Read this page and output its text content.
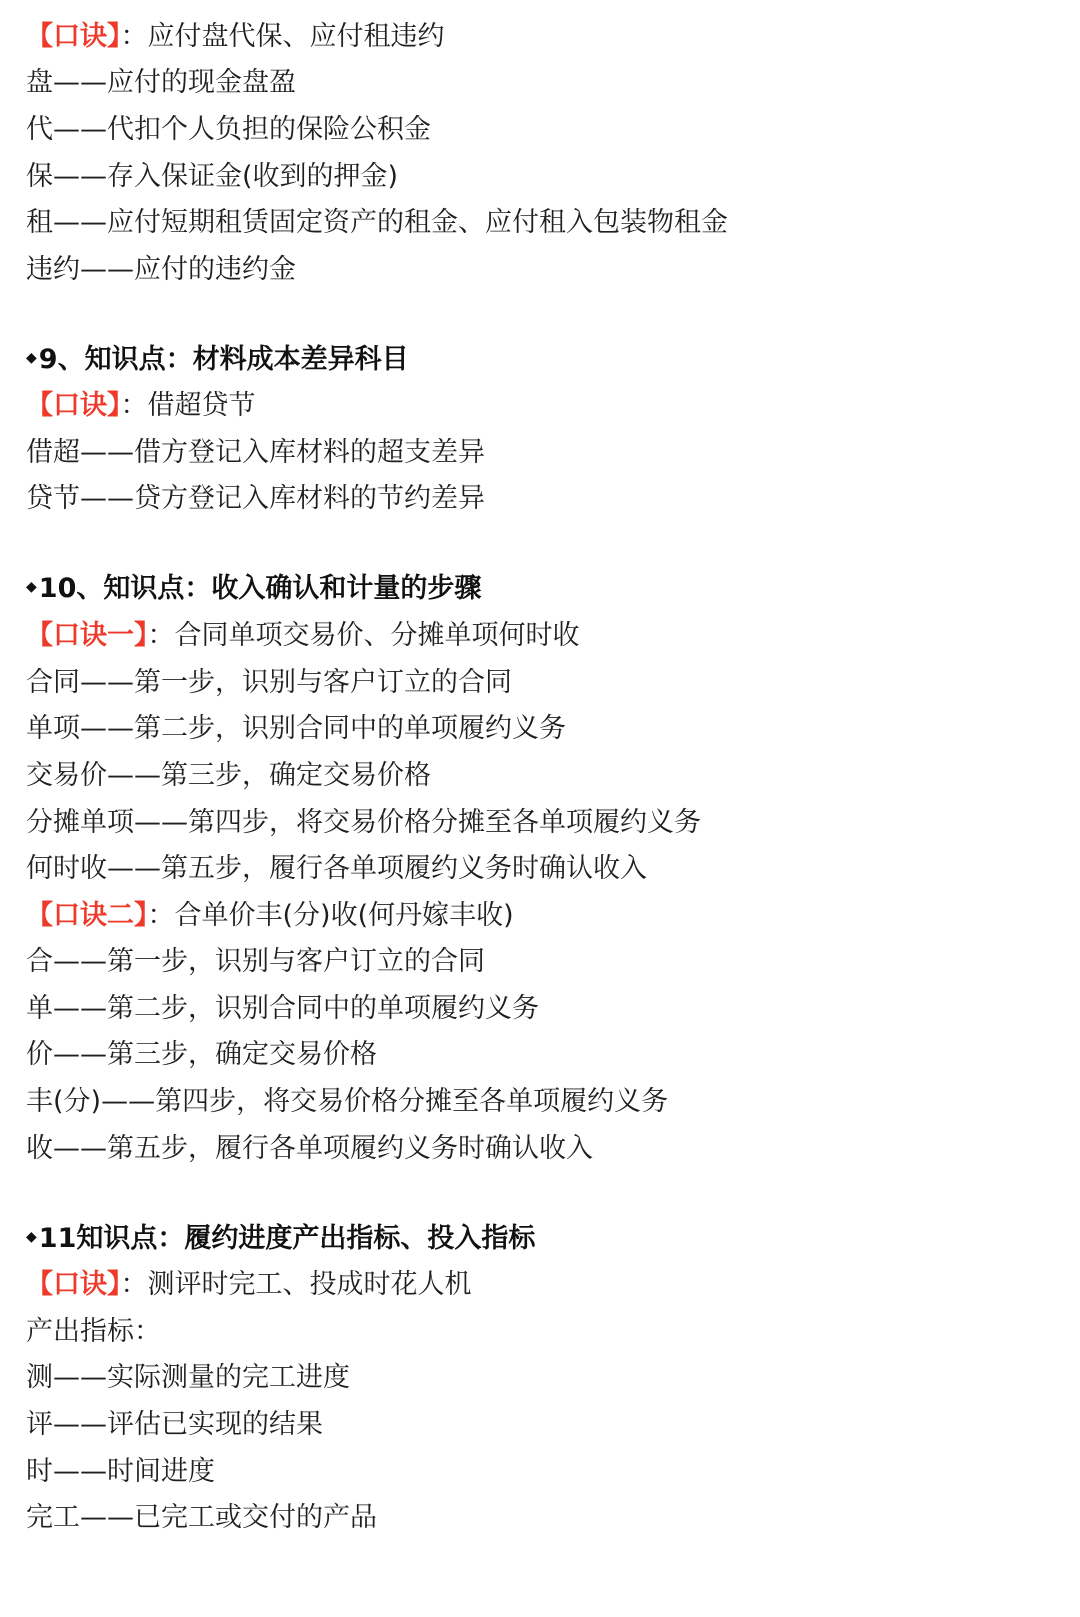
【口诀】：应付盘代保、应付租违约
盘——应付的现金盘盈
代——代扣个人负担的保险公积金
保——存入保证金(收到的押金)
租——应付短期租赁固定资产的租金、应付租入包装物租金
违约——应付的违约金
◆9、知识点：材料成本差异科目
【口诀】：借超贷节
借超——借方登记入库材料的超支差异
贷节——贷方登记入库材料的节约差异
◆10、知识点：收入确认和计量的步骤
【口诀一】：合同单项交易价、分摊单项何时收
合同——第一步，识别与客户订立的合同
单项——第二步，识别合同中的单项履约义务
交易价——第三步，确定交易价格
分摊单项——第四步，将交易价格分摊至各单项履约义务
何时收——第五步，履行各单项履约义务时确认收入
【口诀二】：合单价丰(分)收(何丹嫁丰收)
合——第一步，识别与客户订立的合同
单——第二步，识别合同中的单项履约义务
价——第三步，确定交易价格
丰(分)——第四步，将交易价格分摊至各单项履约义务
收——第五步，履行各单项履约义务时确认收入
◆11知识点：履约进度产出指标、投入指标
【口诀】：测评时完工、投成时花人机
产出指标：
测——实际测量的完工进度
评——评估已实现的结果
时——时间进度
完工——已完工或交付的产品
